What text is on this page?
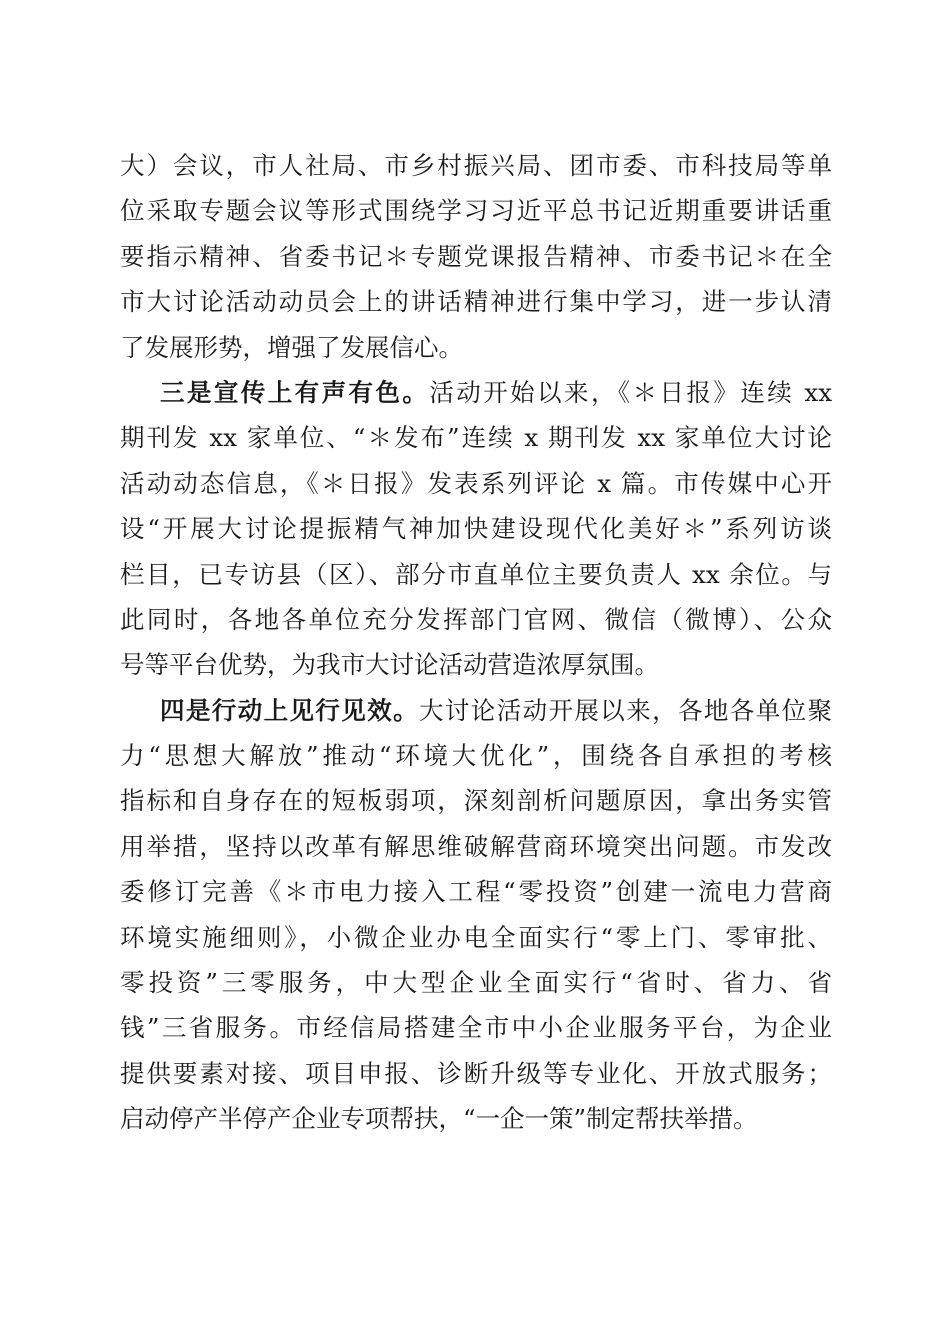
大）会议，市人社局、市乡村振兴局、团市委、市科技局等单
位采取专题会议等形式围绕学习习近平总书记近期重要讲话重
要指示精神、省委书记＊专题党课报告精神、市委书记＊在全
市大讨论活动动员会上的讲话精神进行集中学习，进一步认清
了发展形势，增强了发展信心。
三是宣传上有声有色。活动开始以来，《＊日报》连续 xx
期刊发 xx 家单位、“＊发布”连续 x 期刊发 xx 家单位大讨论
活动动态信息，《＊日报》发表系列评论 x 篇。市传媒中心开
设“开展大讨论提振精气神加快建设现代化美好＊”系列访谈
栏目，已专访县（区）、部分市直单位主要负责人 xx 余位。与
此同时，各地各单位充分发挥部门官网、微信（微博）、公众
号等平台优势，为我市大讨论活动营造浓厚氛围。
四是行动上见行见效。大讨论活动开展以来，各地各单位聚
力“思想大解放”推动“环境大优化”，围绕各自承担的考核
指标和自身存在的短板弱项，深刻剖析问题原因，拿出务实管
用举措，坚持以改革有解思维破解营商环境突出问题。市发改
委修订完善《＊市电力接入工程“零投资”创建一流电力营商
环境实施细则》，小微企业办电全面实行“零上门、零审批、
零投资”三零服务，中大型企业全面实行“省时、省力、省
钱”三省服务。市经信局搭建全市中小企业服务平台，为企业
提供要素对接、项目申报、诊断升级等专业化、开放式服务；
启动停产半停产企业专项帮扶，“一企一策”制定帮扶举措。
